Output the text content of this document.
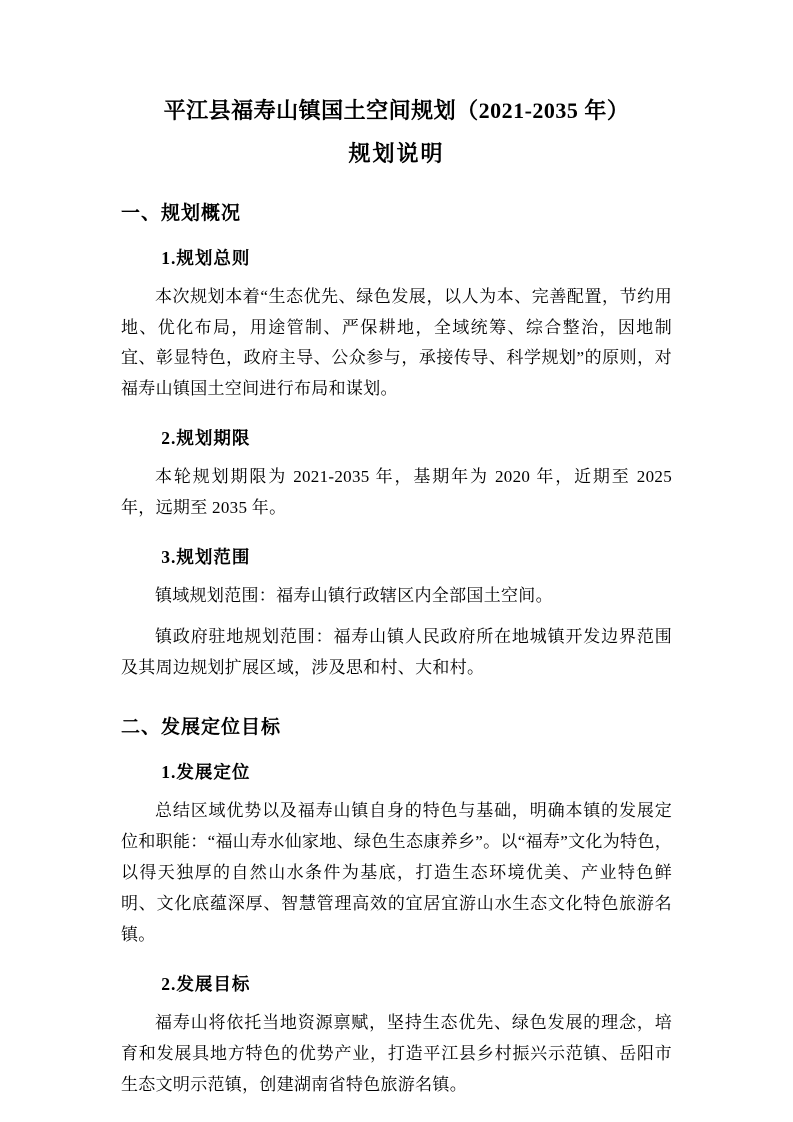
平江县福寿山镇国土空间规划（2021-2035 年）
规划说明
一、规划概况
1.规划总则

本次规划本着“生态优先、绿色发展，以人为本、完善配置，节约用地、优化布局，用途管制、严保耕地，全域统筹、综合整治，因地制宜、彰显特色，政府主导、公众参与，承接传导、科学规划”的原则，对福寿山镇国土空间进行布局和谋划。

2.规划期限

本轮规划期限为 2021-2035 年，基期年为 2020 年，近期至 2025 年，远期至 2035 年。

3.规划范围

镇域规划范围：福寿山镇行政辖区内全部国土空间。

镇政府驻地规划范围：福寿山镇人民政府所在地城镇开发边界范围及其周边规划扩展区域，涉及思和村、大和村。

二、发展定位目标
1.发展定位

总结区域优势以及福寿山镇自身的特色与基础，明确本镇的发展定位和职能：“福山寿水仙家地、绿色生态康养乡”。以“福寿”文化为特色，以得天独厚的自然山水条件为基底，打造生态环境优美、产业特色鲜明、文化底蕴深厚、智慧管理高效的宜居宜游山水生态文化特色旅游名镇。

2.发展目标

福寿山将依托当地资源禀赋，坚持生态优先、绿色发展的理念，培育和发展具地方特色的优势产业，打造平江县乡村振兴示范镇、岳阳市生态文明示范镇，创建湖南省特色旅游名镇。
